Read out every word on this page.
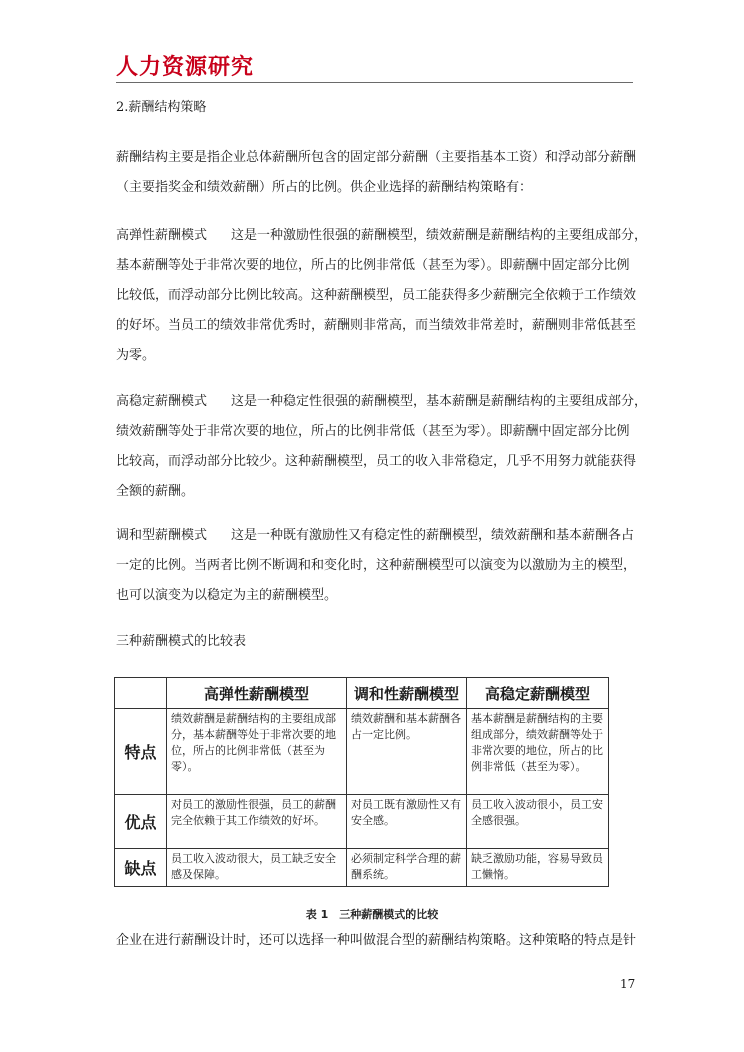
人力资源研究
2.薪酬结构策略
薪酬结构主要是指企业总体薪酬所包含的固定部分薪酬（主要指基本工资）和浮动部分薪酬
（主要指奖金和绩效薪酬）所占的比例。供企业选择的薪酬结构策略有：
高弹性薪酬模式 这是一种激励性很强的薪酬模型，绩效薪酬是薪酬结构的主要组成部分，
基本薪酬等处于非常次要的地位，所占的比例非常低（甚至为零）。即薪酬中固定部分比例
比较低，而浮动部分比例比较高。这种薪酬模型，员工能获得多少薪酬完全依赖于工作绩效
的好坏。当员工的绩效非常优秀时，薪酬则非常高，而当绩效非常差时，薪酬则非常低甚至
为零。
高稳定薪酬模式 这是一种稳定性很强的薪酬模型，基本薪酬是薪酬结构的主要组成部分，
绩效薪酬等处于非常次要的地位，所占的比例非常低（甚至为零）。即薪酬中固定部分比例
比较高，而浮动部分比较少。这种薪酬模型，员工的收入非常稳定，几乎不用努力就能获得
全额的薪酬。
调和型薪酬模式 这是一种既有激励性又有稳定性的薪酬模型，绩效薪酬和基本薪酬各占
一定的比例。当两者比例不断调和和变化时，这种薪酬模型可以演变为以激励为主的模型，
也可以演变为以稳定为主的薪酬模型。
三种薪酬模式的比较表
	高弹性薪酬模型	调和性薪酬模型	高稳定薪酬模型
特点	绩效薪酬是薪酬结构的主要组成部分，基本薪酬等处于非常次要的地位，所占的比例非常低（甚至为零）。	绩效薪酬和基本薪酬各占一定比例。	基本薪酬是薪酬结构的主要组成部分，绩效薪酬等处于非常次要的地位，所占的比例非常低（甚至为零）。
优点	对员工的激励性很强，员工的薪酬完全依赖于其工作绩效的好坏。	对员工既有激励性又有安全感。	员工收入波动很小，员工安全感很强。
缺点	员工收入波动很大，员工缺乏安全感及保障。	必须制定科学合理的薪酬系统。	缺乏激励功能，容易导致员工懒惰。
表 1　三种薪酬模式的比较
企业在进行薪酬设计时，还可以选择一种叫做混合型的薪酬结构策略。这种策略的特点是针
17
